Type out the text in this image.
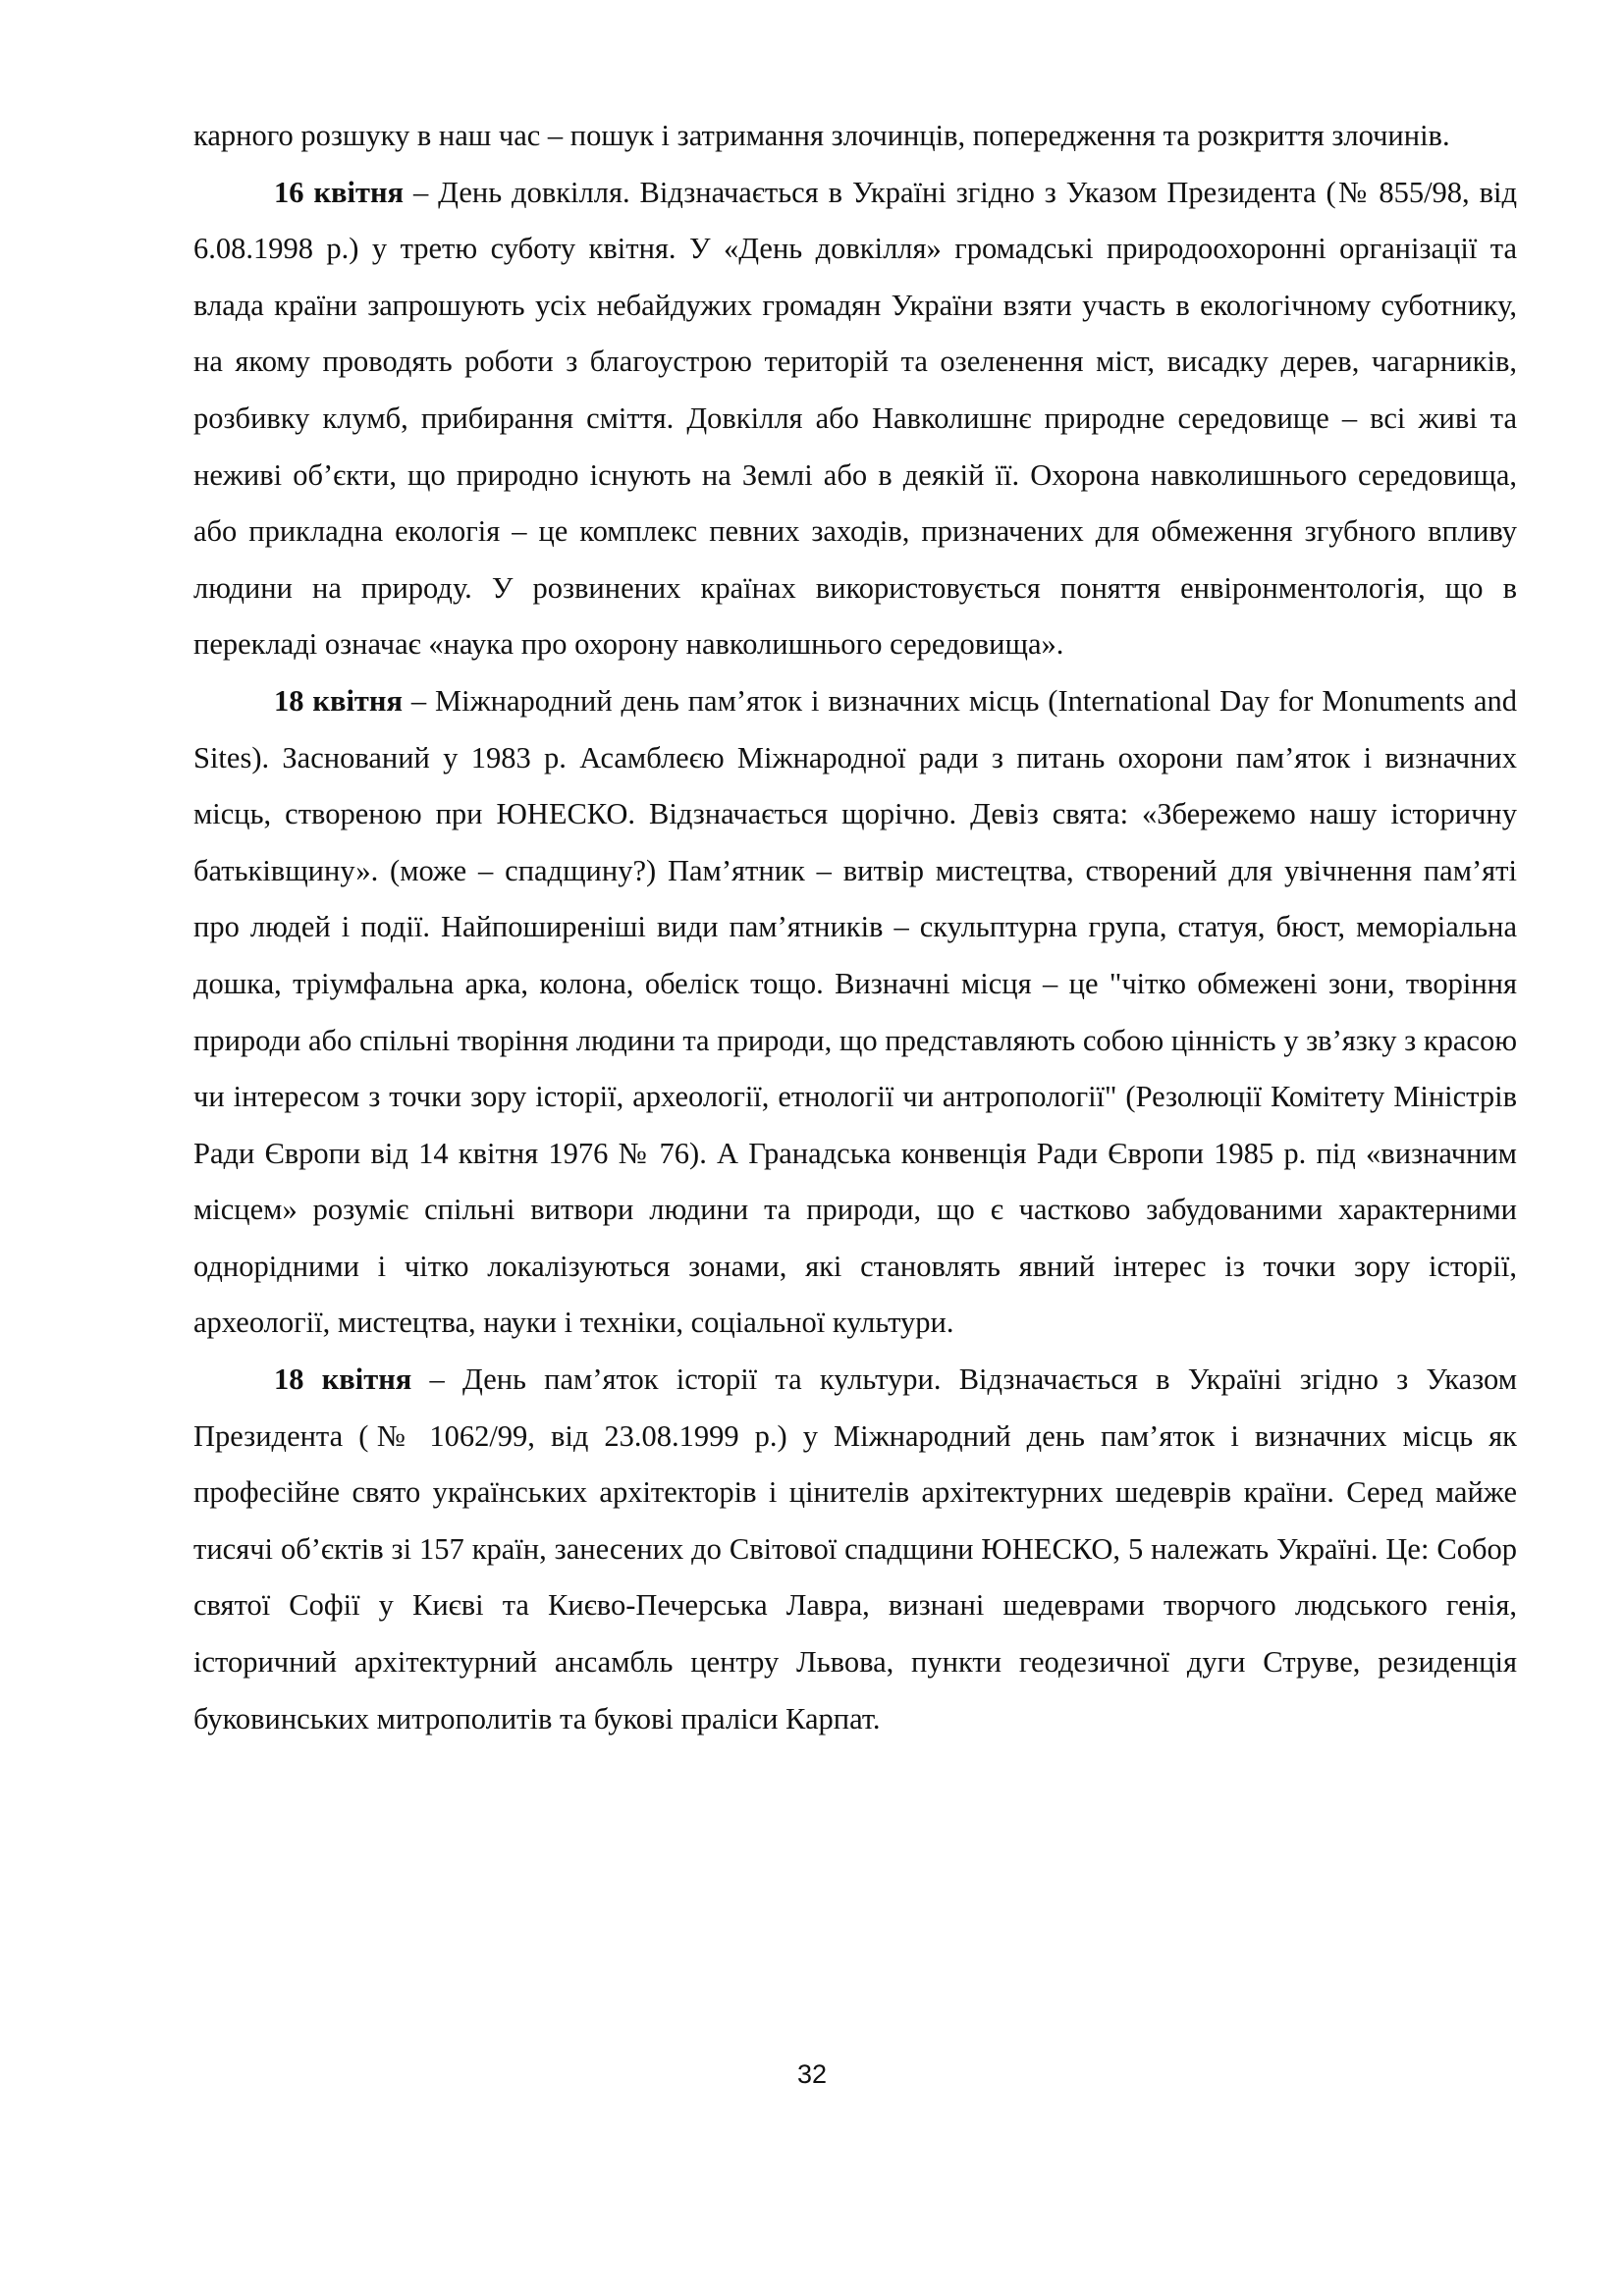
карного розшуку в наш час – пошук і затримання злочинців, попередження та розкриття злочинів.

16 квітня – День довкілля. Відзначається в Україні згідно з Указом Президента (№ 855/98, від 6.08.1998 р.) у третю суботу квітня. У «День довкілля» громадські природоохоронні організації та влада країни запрошують усіх небайдужих громадян України взяти участь в екологічному суботнику, на якому проводять роботи з благоустрою територій та озеленення міст, висадку дерев, чагарників, розбивку клумб, прибирання сміття. Довкілля або Навколишнє природне середовище – всі живі та неживі об’єкти, що природно існують на Землі або в деякій її. Охорона навколишнього середовища, або прикладна екологія – це комплекс певних заходів, призначених для обмеження згубного впливу людини на природу. У розвинених країнах використовується поняття енвіронментологія, що в перекладі означає «наука про охорону навколишнього середовища».

18 квітня – Міжнародний день пам’яток і визначних місць (International Day for Monuments and Sites). Заснований у 1983 р. Асамблеєю Міжнародної ради з питань охорони пам’яток і визначних місць, створеною при ЮНЕСКО. Відзначається щорічно. Девіз свята: «Збережемо нашу історичну батьківщину». (може – спадщину?) Пам’ятник – витвір мистецтва, створений для увічнення пам’яті про людей і події. Найпоширеніші види пам’ятників – скульптурна група, статуя, бюст, меморіальна дошка, тріумфальна арка, колона, обеліск тощо. Визначні місця – це "чітко обмежені зони, творіння природи або спільні творіння людини та природи, що представляють собою цінність у зв’язку з красою чи інтересом з точки зору історії, археології, етнології чи антропології" (Резолюції Комітету Міністрів Ради Європи від 14 квітня 1976 № 76). А Гранадська конвенція Ради Європи 1985 р. під «визначним місцем» розуміє спільні витвори людини та природи, що є частково забудованими характерними однорідними і чітко локалізуються зонами, які становлять явний інтерес із точки зору історії, археології, мистецтва, науки і техніки, соціальної культури.

18 квітня – День пам’яток історії та культури. Відзначається в Україні згідно з Указом Президента (№ 1062/99, від 23.08.1999 р.) у Міжнародний день пам’яток і визначних місць як професійне свято українських архітекторів і цінителів архітектурних шедеврів країни. Серед майже тисячі об’єктів зі 157 країн, занесених до Світової спадщини ЮНЕСКО, 5 належать Україні. Це: Собор святої Софії у Києві та Києво-Печерська Лавра, визнані шедеврами творчого людського генія, історичний архітектурний ансамбль центру Львова, пункти геодезичної дуги Струве, резиденція буковинських митрополитів та букові праліси Карпат.

32
